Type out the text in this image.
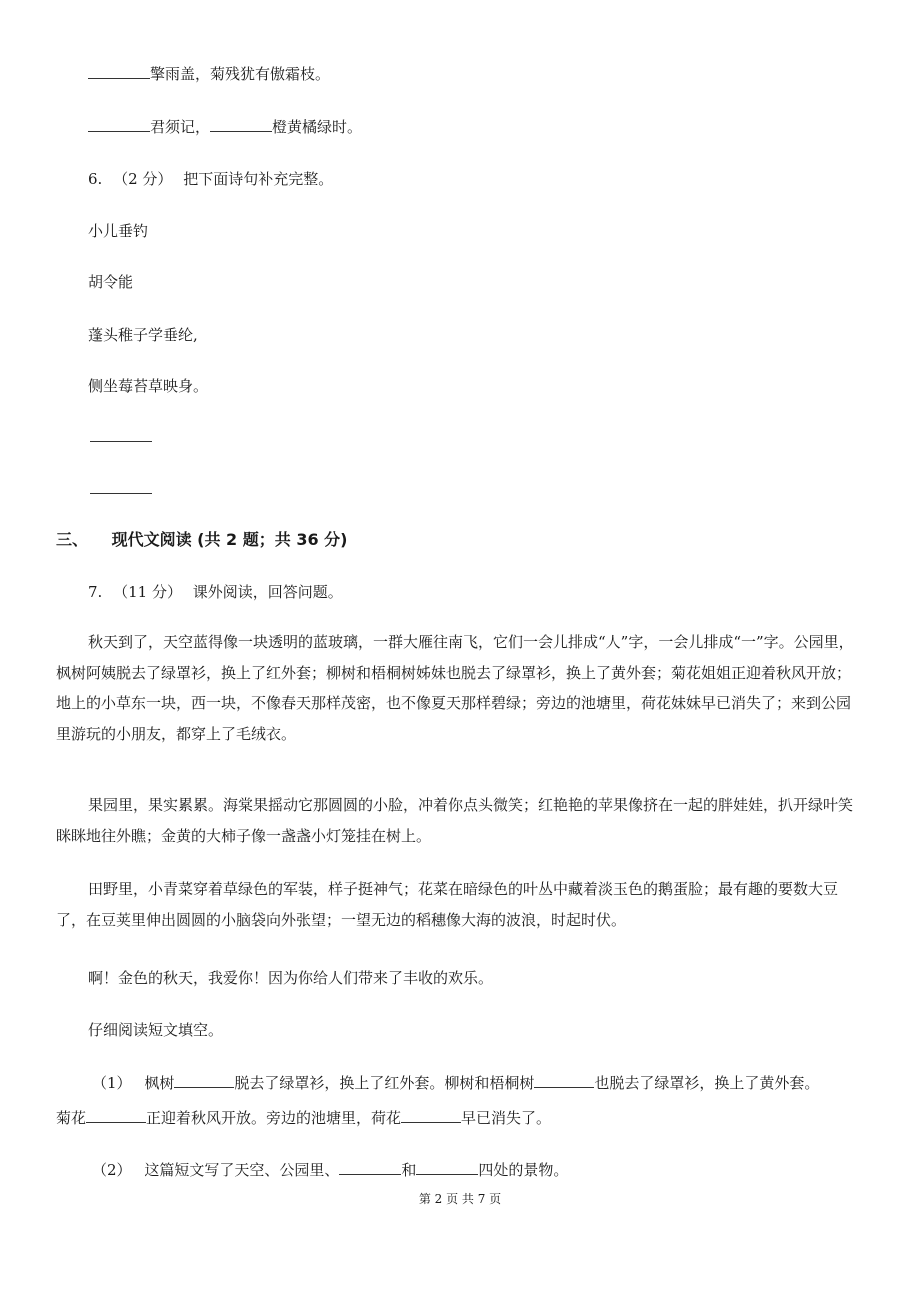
擎雨盖，菊残犹有傲霜枝。
君须记，	橙黄橘绿时。
6. （2 分） 把下面诗句补充完整。
小儿垂钓
胡令能
蓬头稚子学垂纶,
侧坐莓苔草映身。
三、 现代文阅读 (共 2 题；共 36 分)
7. （11 分） 课外阅读，回答问题。
秋天到了，天空蓝得像一块透明的蓝玻璃，一群大雁往南飞，它们一会儿排成“人”字，一会儿排成“一”字。公园里，枫树阿姨脱去了绿罩衫，换上了红外套；柳树和梧桐树姊妹也脱去了绿罩衫，换上了黄外套；菊花姐姐正迎着秋风开放；地上的小草东一块，西一块，不像春天那样茂密，也不像夏天那样碧绿；旁边的池塘里，荷花妹妹早已消失了；来到公园里游玩的小朋友，都穿上了毛绒衣。
果园里，果实累累。海棠果摇动它那圆圆的小脸，冲着你点头微笑；红艳艳的苹果像挤在一起的胖娃娃，扒开绿叶笑眯眯地往外瞧；金黄的大柿子像一盏盏小灯笼挂在树上。
田野里，小青菜穿着草绿色的军装，样子挺神气；花菜在暗绿色的叶丛中藏着淡玉色的鹅蛋脸；最有趣的要数大豆了，在豆荚里伸出圆圆的小脑袋向外张望；一望无边的稻穗像大海的波浪，时起时伏。
啊！金色的秋天，我爱你！因为你给人们带来了丰收的欢乐。
仔细阅读短文填空。
（1） 枫树	脱去了绿罩衫，换上了红外套。柳树和梧桐树	也脱去了绿罩衫，换上了黄外套。
菊花	正迎着秋风开放。旁边的池塘里，荷花	早已消失了。
（2） 这篇短文写了天空、公园里、	和	四处的景物。
第 2 页 共 7 页
